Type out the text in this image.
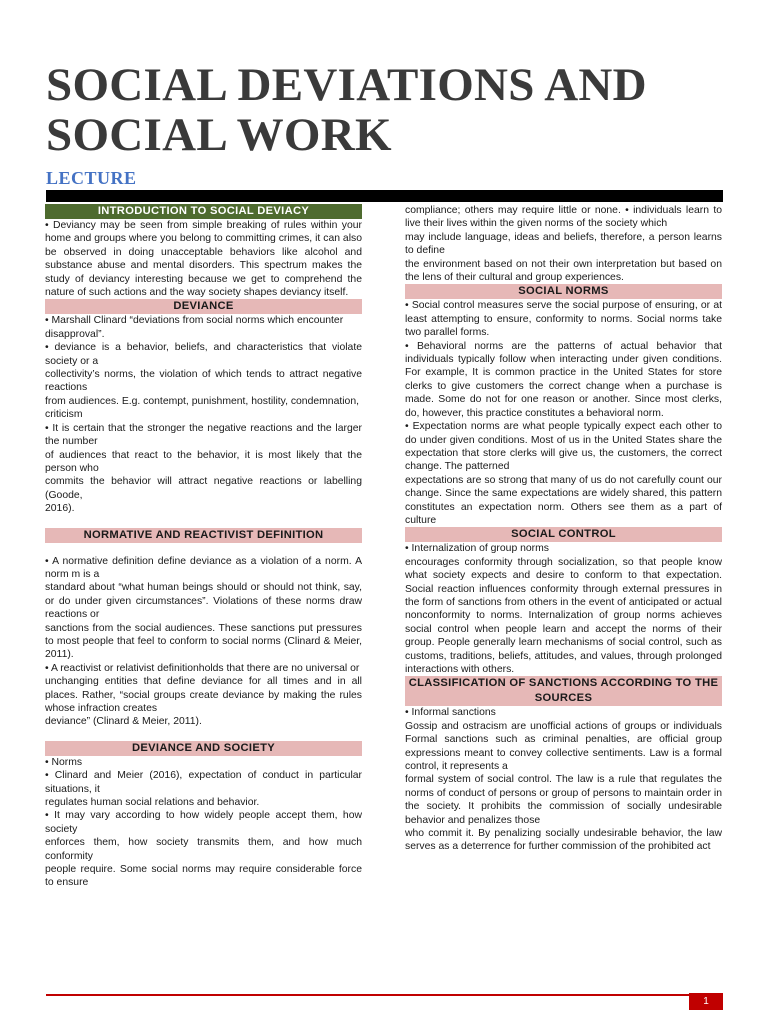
SOCIAL DEVIATIONS AND
SOCIAL WORK
LECTURE
INTRODUCTION TO SOCIAL DEVIACY

• Deviancy may be seen from simple breaking of rules within your home and groups where you belong to committing crimes, it can also be observed in doing unacceptable behaviors like alcohol and substance abuse and mental disorders. This spectrum makes the study of deviancy interesting because we get to comprehend the nature of such actions and the way society shapes deviancy itself.

DEVIANCE

• Marshall Clinard “deviations from social norms which encounter

disapproval”.

• deviance is a behavior, beliefs, and characteristics that violate society or a

collectivity’s norms, the violation of which tends to attract negative reactions

from audiences. E.g. contempt, punishment, hostility, condemnation,

criticism

• It is certain that the stronger the negative reactions and the larger the number

of audiences that react to the behavior, it is most likely that the person who

commits the behavior will attract negative reactions or labelling (Goode,

2016).

NORMATIVE AND REACTIVIST DEFINITION

• A normative definition define deviance as a violation of a norm. A norm m is a

standard about “what human beings should or should not think, say, or do under given circumstances”. Violations of these norms draw reactions or

sanctions from the social audiences. These sanctions put pressures to most people that feel to conform to social norms (Clinard & Meier, 2011).

• A reactivist or relativist definitionholds that there are no universal or

unchanging entities that define deviance for all times and in all places. Rather, “social groups create deviance by making the rules whose infraction creates

deviance” (Clinard & Meier, 2011).

DEVIANCE AND SOCIETY

• Norms

• Clinard and Meier (2016), expectation of conduct in particular situations, it

regulates human social relations and behavior.

• It may vary according to how widely people accept them, how society

enforces them, how society transmits them, and how much conformity

people require. Some social norms may require considerable force to ensure

compliance; others may require little or none. • individuals learn to live their lives within the given norms of the society which

may include language, ideas and beliefs, therefore, a person learns to define

the environment based on not their own interpretation but based on the lens of their cultural and group experiences.

SOCIAL NORMS

• Social control measures serve the social purpose of ensuring, or at least attempting to ensure, conformity to norms. Social norms take two parallel forms.

• Behavioral norms are the patterns of actual behavior that individuals typically follow when interacting under given conditions. For example, It is common practice in the United States for store clerks to give customers the correct change when a purchase is made. Some do not for one reason or another. Since most clerks, do, however, this practice constitutes a behavioral norm.

• Expectation norms are what people typically expect each other to do under given conditions. Most of us in the United States share the expectation that store clerks will give us, the customers, the correct change. The patterned

expectations are so strong that many of us do not carefully count our change. Since the same expectations are widely shared, this pattern constitutes an expectation norm. Others see them as a part of culture

SOCIAL CONTROL

• Internalization of group norms

encourages conformity through socialization, so that people know what society expects and desire to conform to that expectation. Social reaction influences conformity through external pressures in the form of sanctions from others in the event of anticipated or actual nonconformity to norms. Internalization of group norms achieves social control when people learn and accept the norms of their group. People generally learn mechanisms of social control, such as customs, traditions, beliefs, attitudes, and values, through prolonged interactions with others.

CLASSIFICATION OF SANCTIONS ACCORDING TO THE SOURCES

• Informal sanctions

Gossip and ostracism are unofficial actions of groups or individuals Formal sanctions such as criminal penalties, are official group expressions meant to convey collective sentiments. Law is a formal control, it represents a

formal system of social control. The law is a rule that regulates the norms of conduct of persons or group of persons to maintain order in the society. It prohibits the commission of socially undesirable behavior and penalizes those

who commit it. By penalizing socially undesirable behavior, the law serves as a deterrence for further commission of the prohibited act

1
